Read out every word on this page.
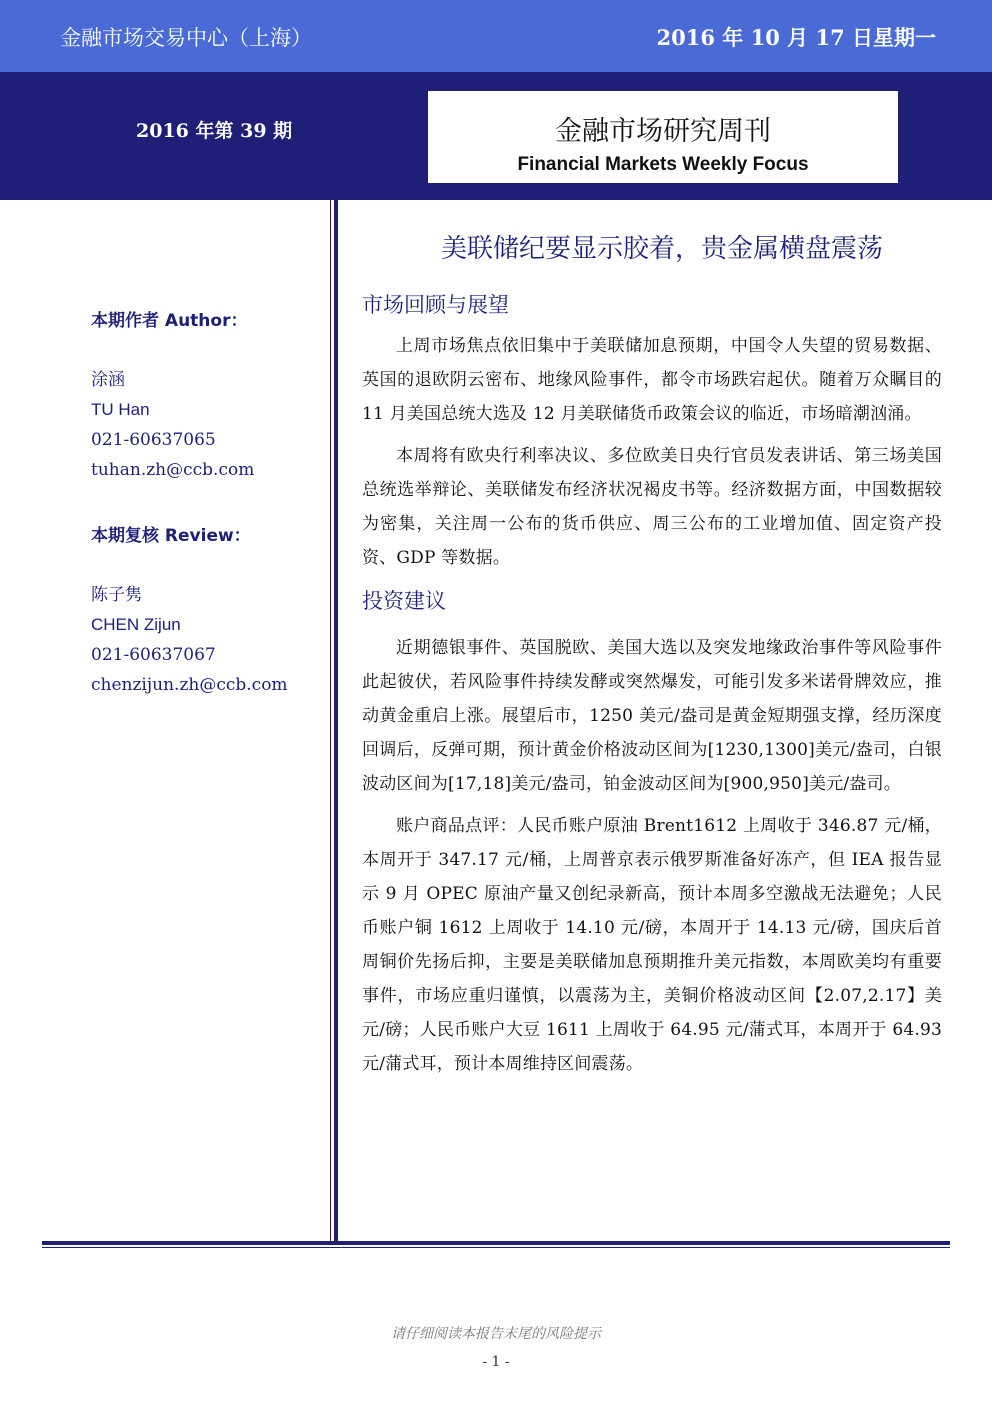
金融市场交易中心（上海）	2016 年 10 月 17 日星期一
2016 年第 39 期	金融市场研究周刊
Financial Markets Weekly Focus
本期作者 Author：
涂涵
TU Han
021-60637065
tuhan.zh@ccb.com
本期复核 Review：
陈子隽
CHEN Zijun
021-60637067
chenzijun.zh@ccb.com
美联储纪要显示胶着，贵金属横盘震荡
市场回顾与展望

上周市场焦点依旧集中于美联储加息预期，中国令人失望的贸易数据、英国的退欧阴云密布、地缘风险事件，都令市场跌宕起伏。随着万众瞩目的 11 月美国总统大选及 12 月美联储货币政策会议的临近，市场暗潮汹涌。

本周将有欧央行利率决议、多位欧美日央行官员发表讲话、第三场美国总统选举辩论、美联储发布经济状况褐皮书等。经济数据方面，中国数据较为密集，关注周一公布的货币供应、周三公布的工业增加值、固定资产投资、GDP 等数据。

投资建议

近期德银事件、英国脱欧、美国大选以及突发地缘政治事件等风险事件此起彼伏，若风险事件持续发酵或突然爆发，可能引发多米诺骨牌效应，推动黄金重启上涨。展望后市，1250 美元/盎司是黄金短期强支撑，经历深度回调后，反弹可期，预计黄金价格波动区间为[1230,1300]美元/盎司，白银波动区间为[17,18]美元/盎司，铂金波动区间为[900,950]美元/盎司。

账户商品点评：人民币账户原油 Brent1612 上周收于 346.87 元/桶，本周开于 347.17 元/桶，上周普京表示俄罗斯准备好冻产，但 IEA 报告显示 9 月 OPEC 原油产量又创纪录新高，预计本周多空激战无法避免；人民币账户铜 1612 上周收于 14.10 元/磅，本周开于 14.13 元/磅，国庆后首周铜价先扬后抑，主要是美联储加息预期推升美元指数，本周欧美均有重要事件，市场应重归谨慎，以震荡为主，美铜价格波动区间【2.07,2.17】美元/磅；人民币账户大豆 1611 上周收于 64.95 元/蒲式耳，本周开于 64.93 元/蒲式耳，预计本周维持区间震荡。

请仔细阅读本报告末尾的风险提示
- 1 -
